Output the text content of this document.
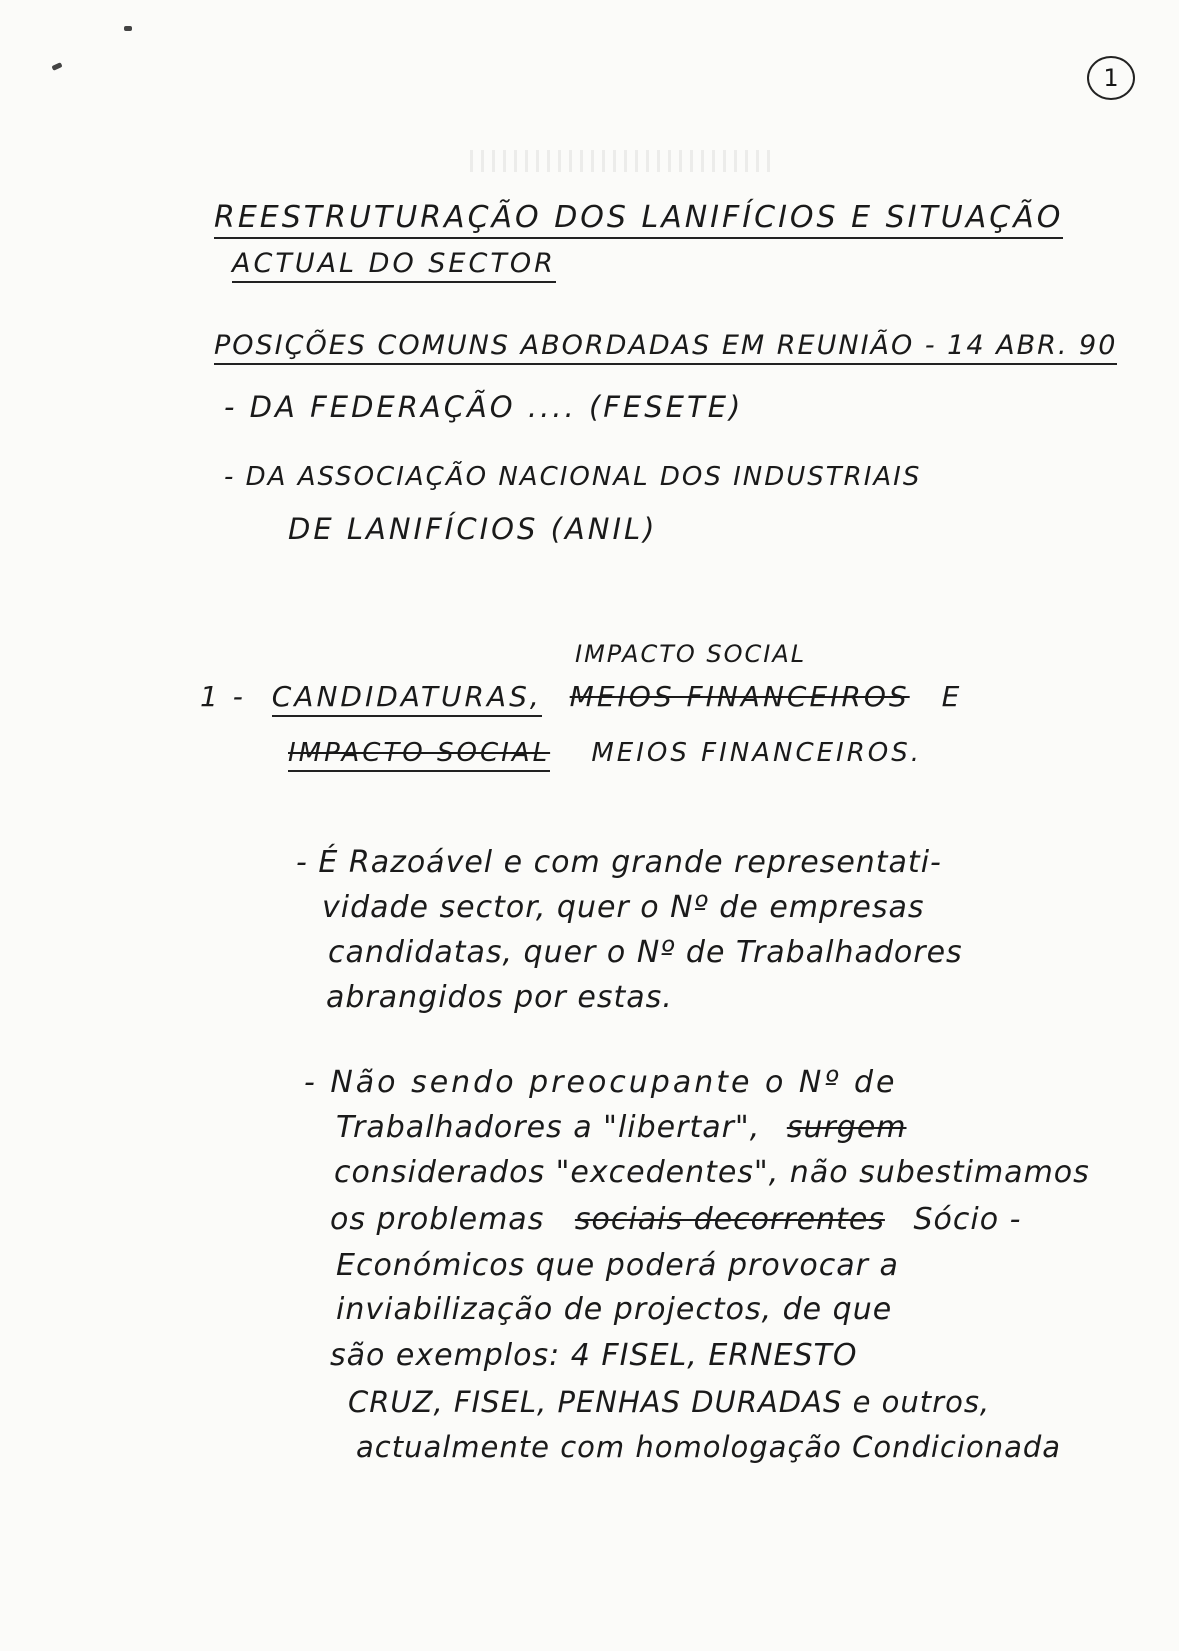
1
REESTRUTURAÇÃO DOS LANIFÍCIOS E SITUAÇÃO
ACTUAL DO SECTOR
POSIÇÕES COMUNS ABORDADAS EM REUNIÃO - 14 ABR. 90
- DA FEDERAÇÃO .... (FESETE)
- DA ASSOCIAÇÃO NACIONAL DOS INDUSTRIAIS
DE LANIFÍCIOS (ANIL)
IMPACTO SOCIAL
1 - CANDIDATURAS, MEIOS FINANCEIROS E
IMPACTO SOCIAL MEIOS FINANCEIROS.
- É Razoável e com grande representati-
vidade sector, quer o Nº de empresas
candidatas, quer o Nº de Trabalhadores
abrangidos por estas.
- Não sendo preocupante o Nº de
Trabalhadores a "libertar", surgem
considerados "excedentes", não subestimamos
os problemas sociais decorrentes Sócio -
Económicos que poderá provocar a
inviabilização de projectos, de que
são exemplos: 4 FISEL, ERNESTO
CRUZ, FISEL, PENHAS DURADAS e outros,
actualmente com homologação Condicionada
